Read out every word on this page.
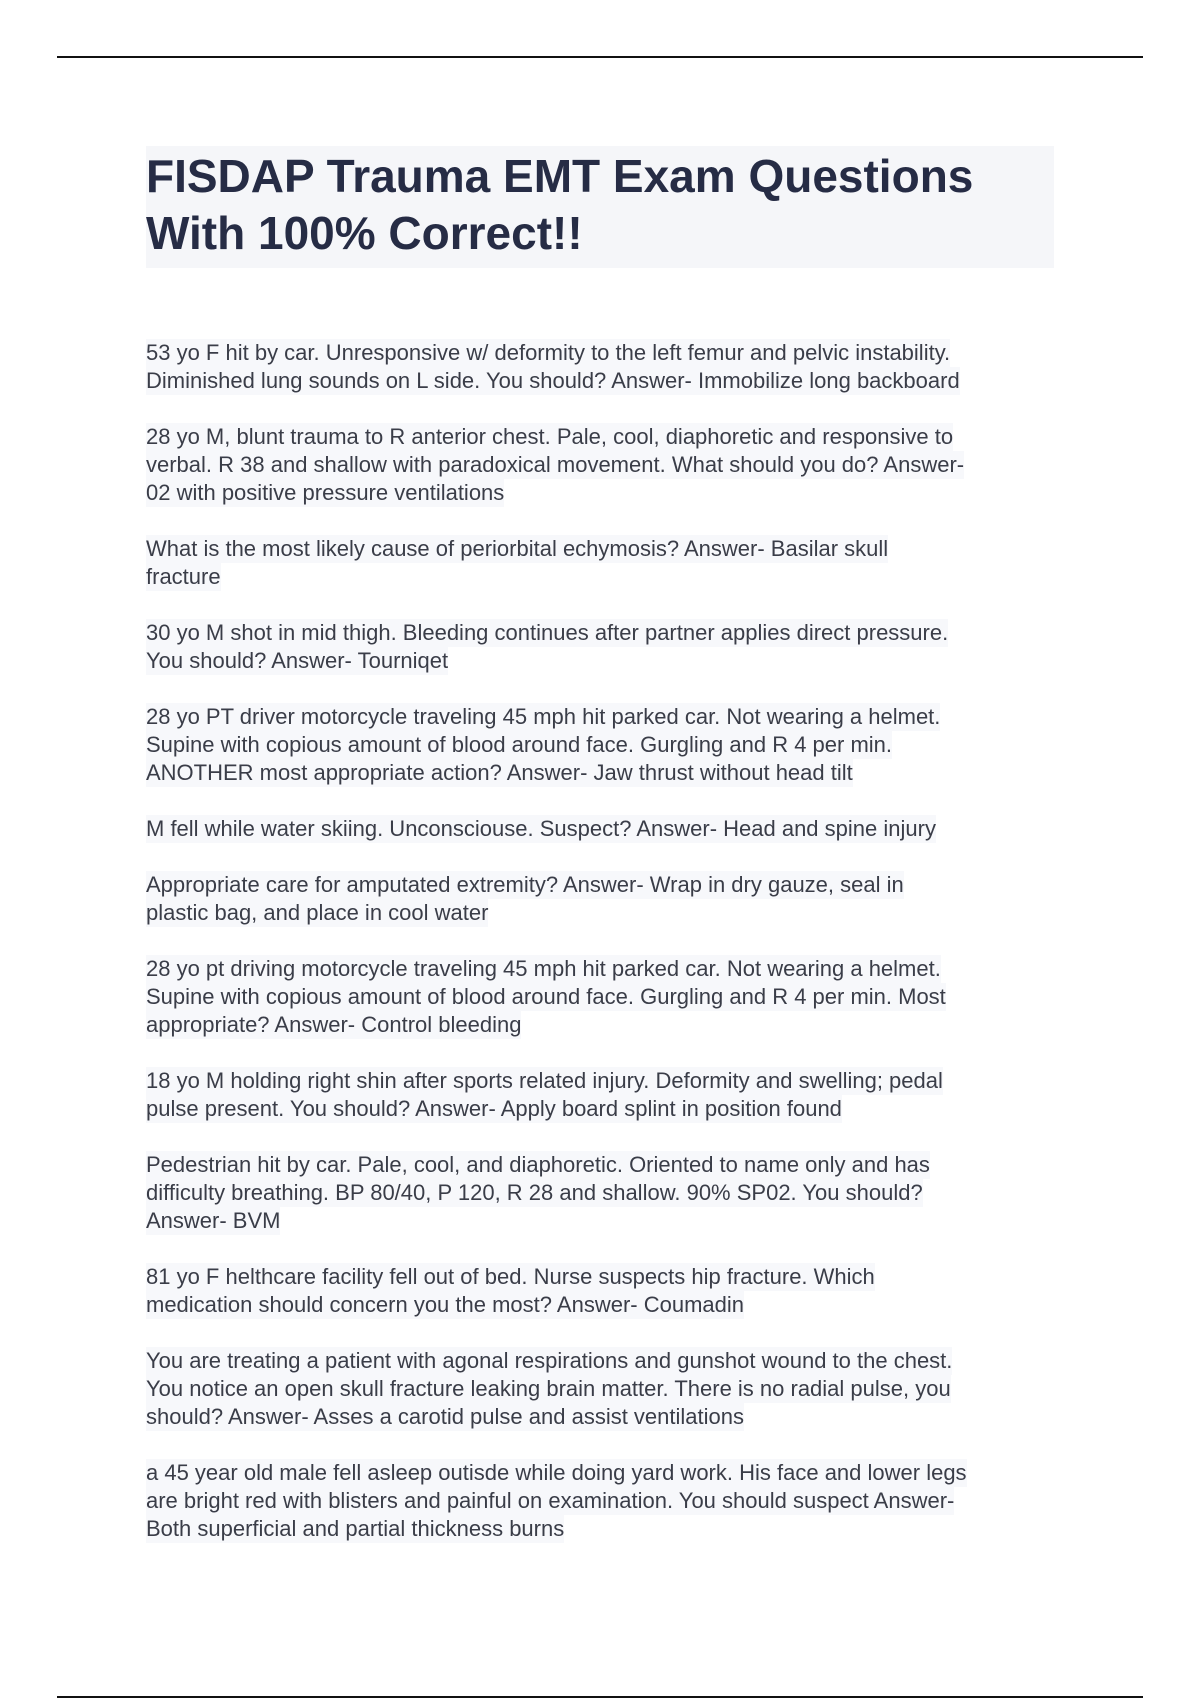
FISDAP Trauma EMT Exam Questions
With 100% Correct!!
53 yo F hit by car. Unresponsive w/ deformity to the left femur and pelvic instability.
Diminished lung sounds on L side. You should? Answer- Immobilize long backboard
28 yo M, blunt trauma to R anterior chest. Pale, cool, diaphoretic and responsive to
verbal. R 38 and shallow with paradoxical movement. What should you do? Answer-
02 with positive pressure ventilations
What is the most likely cause of periorbital echymosis? Answer- Basilar skull
fracture
30 yo M shot in mid thigh. Bleeding continues after partner applies direct pressure.
You should? Answer- Tourniqet
28 yo PT driver motorcycle traveling 45 mph hit parked car. Not wearing a helmet.
Supine with copious amount of blood around face. Gurgling and R 4 per min.
ANOTHER most appropriate action? Answer- Jaw thrust without head tilt
M fell while water skiing. Unconsciouse. Suspect? Answer- Head and spine injury
Appropriate care for amputated extremity? Answer- Wrap in dry gauze, seal in
plastic bag, and place in cool water
28 yo pt driving motorcycle traveling 45 mph hit parked car. Not wearing a helmet.
Supine with copious amount of blood around face. Gurgling and R 4 per min. Most
appropriate? Answer- Control bleeding
18 yo M holding right shin after sports related injury. Deformity and swelling; pedal
pulse present. You should? Answer- Apply board splint in position found
Pedestrian hit by car. Pale, cool, and diaphoretic. Oriented to name only and has
difficulty breathing. BP 80/40, P 120, R 28 and shallow. 90% SP02. You should?
Answer- BVM
81 yo F helthcare facility fell out of bed. Nurse suspects hip fracture. Which
medication should concern you the most? Answer- Coumadin
You are treating a patient with agonal respirations and gunshot wound to the chest.
You notice an open skull fracture leaking brain matter. There is no radial pulse, you
should? Answer- Asses a carotid pulse and assist ventilations
a 45 year old male fell asleep outisde while doing yard work. His face and lower legs
are bright red with blisters and painful on examination. You should suspect Answer-
Both superficial and partial thickness burns
